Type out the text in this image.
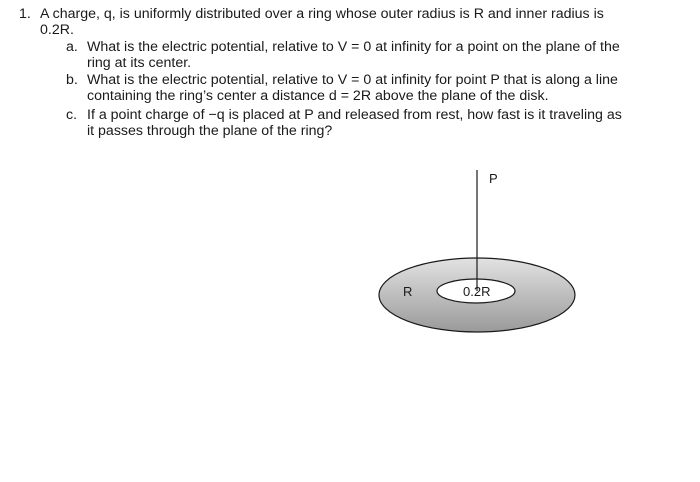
1. A charge, q, is uniformly distributed over a ring whose outer radius is R and inner radius is 0.2R.
a. What is the electric potential, relative to V = 0 at infinity for a point on the plane of the ring at its center.
b. What is the electric potential, relative to V = 0 at infinity for point P that is along a line containing the ring’s center a distance d = 2R above the plane of the disk.
c. If a point charge of −q is placed at P and released from rest, how fast is it traveling as it passes through the plane of the ring?
P
R	0.2R
